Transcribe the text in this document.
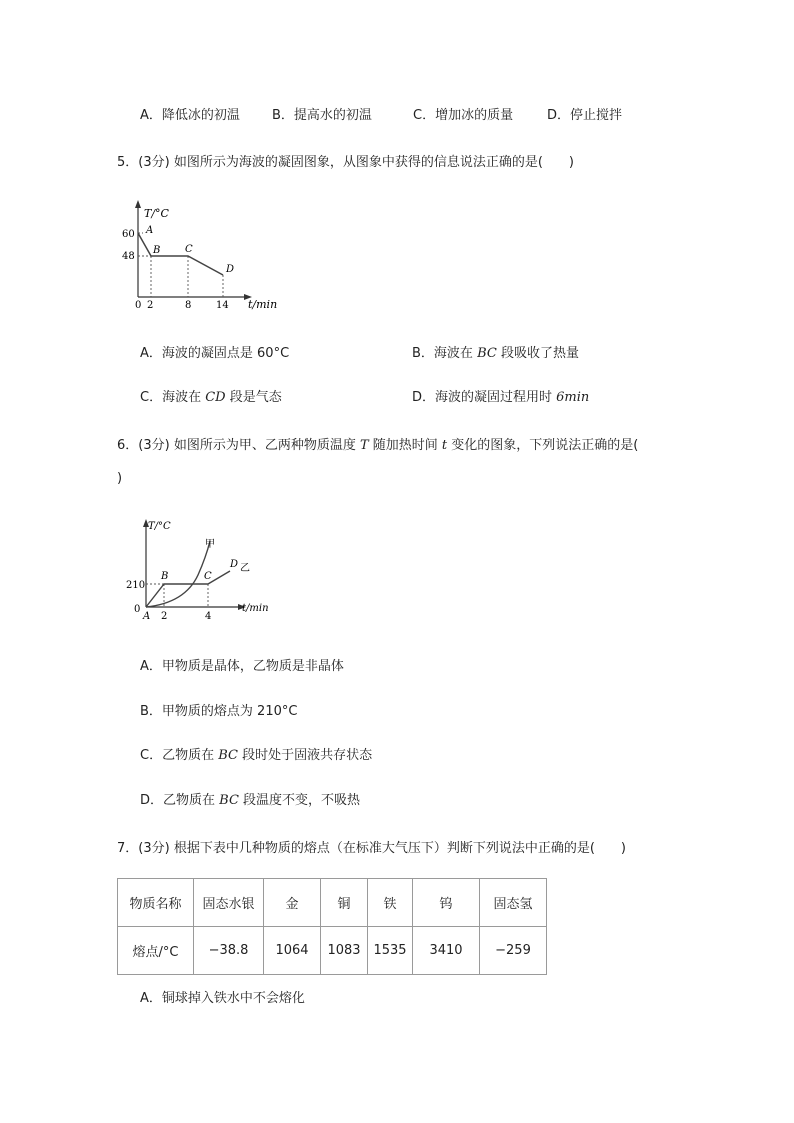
A．降低冰的初温 B．提高水的初温	C．增加冰的质量	D．停止搅拌
5．(3分) 如图所示为海波的凝固图象，从图象中获得的信息说法正确的是(　　)
T/°C
t/min
60
48
0 2	8 14
A
B C
D
A．海波的凝固点是 60°C	B．海波在 BC 段吸收了热量
C．海波在 CD 段是气态	D．海波的凝固过程用时 6min
6．(3分) 如图所示为甲、乙两种物质温度 T 随加热时间 t 变化的图象，下列说法正确的是(
)
T/°C
t/min
210
0
2	4
A
B	C
D
甲
乙
A．甲物质是晶体，乙物质是非晶体
B．甲物质的熔点为 210°C
C．乙物质在 BC 段时处于固液共存状态
D．乙物质在 BC 段温度不变，不吸热
7．(3分) 根据下表中几种物质的熔点（在标准大气压下）判断下列说法中正确的是(　　)
物质名称	固态水银	金	铜	铁	钨	固态氢
熔点/°C	−38.8	1064	1083	1535	3410	−259
A．铜球掉入铁水中不会熔化
